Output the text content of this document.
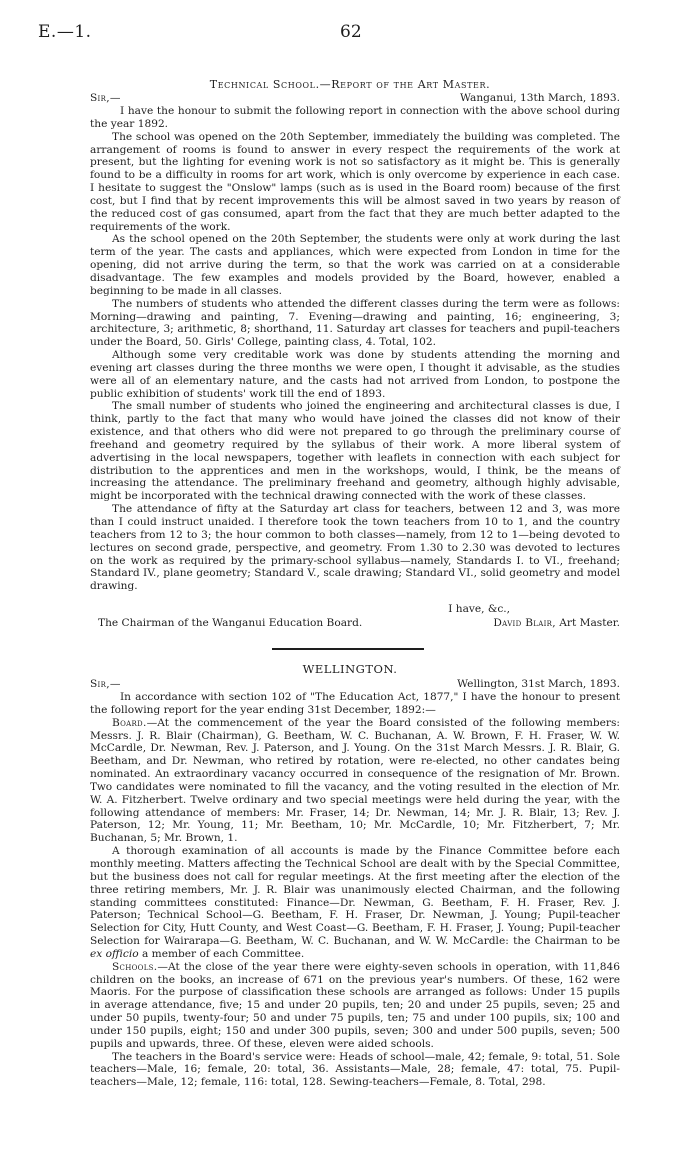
E.—1.	62
Technical School.—Report of the Art Master.
Sir,—	Wanganui, 13th March, 1893.

I have the honour to submit the following report in connection with the above school during the year 1892.

The school was opened on the 20th September, immediately the building was completed. The arrangement of rooms is found to answer in every respect the requirements of the work at present, but the lighting for evening work is not so satisfactory as it might be. This is generally found to be a difficulty in rooms for art work, which is only overcome by experience in each case. I hesitate to suggest the "Onslow" lamps (such as is used in the Board room) because of the first cost, but I find that by recent improvements this will be almost saved in two years by reason of the reduced cost of gas consumed, apart from the fact that they are much better adapted to the requirements of the work.

As the school opened on the 20th September, the students were only at work during the last term of the year. The casts and appliances, which were expected from London in time for the opening, did not arrive during the term, so that the work was carried on at a considerable disadvantage. The few examples and models provided by the Board, however, enabled a beginning to be made in all classes.

The numbers of students who attended the different classes during the term were as follows: Morning—drawing and painting, 7. Evening—drawing and painting, 16; engineering, 3; architecture, 3; arithmetic, 8; shorthand, 11. Saturday art classes for teachers and pupil-teachers under the Board, 50. Girls' College, painting class, 4. Total, 102.

Although some very creditable work was done by students attending the morning and evening art classes during the three months we were open, I thought it advisable, as the studies were all of an elementary nature, and the casts had not arrived from London, to postpone the public exhibition of students' work till the end of 1893.

The small number of students who joined the engineering and architectural classes is due, I think, partly to the fact that many who would have joined the classes did not know of their existence, and that others who did were not prepared to go through the preliminary course of freehand and geometry required by the syllabus of their work. A more liberal system of advertising in the local newspapers, together with leaflets in connection with each subject for distribution to the apprentices and men in the workshops, would, I think, be the means of increasing the attendance. The preliminary freehand and geometry, although highly advisable, might be incorporated with the technical drawing connected with the work of these classes.

The attendance of fifty at the Saturday art class for teachers, between 12 and 3, was more than I could instruct unaided. I therefore took the town teachers from 10 to 1, and the country teachers from 12 to 3; the hour common to both classes—namely, from 12 to 1—being devoted to lectures on second grade, perspective, and geometry. From 1.30 to 2.30 was devoted to lectures on the work as required by the primary-school syllabus—namely, Standards I. to VI., freehand; Standard IV., plane geometry; Standard V., scale drawing; Standard VI., solid geometry and model drawing.

I have, &c.,
The Chairman of the Wanganui Education Board.	David Blair, Art Master.
WELLINGTON.
Sir,—	Wellington, 31st March, 1893.

In accordance with section 102 of "The Education Act, 1877," I have the honour to present the following report for the year ending 31st December, 1892:—

Board.—At the commencement of the year the Board consisted of the following members: Messrs. J. R. Blair (Chairman), G. Beetham, W. C. Buchanan, A. W. Brown, F. H. Fraser, W. W. McCardle, Dr. Newman, Rev. J. Paterson, and J. Young. On the 31st March Messrs. J. R. Blair, G. Beetham, and Dr. Newman, who retired by rotation, were re-elected, no other candates being nominated. An extraordinary vacancy occurred in consequence of the resignation of Mr. Brown. Two candidates were nominated to fill the vacancy, and the voting resulted in the election of Mr. W. A. Fitzherbert. Twelve ordinary and two special meetings were held during the year, with the following attendance of members: Mr. Fraser, 14; Dr. Newman, 14; Mr. J. R. Blair, 13; Rev. J. Paterson, 12; Mr. Young, 11; Mr. Beetham, 10; Mr. McCardle, 10; Mr. Fitzherbert, 7; Mr. Buchanan, 5; Mr. Brown, 1.

A thorough examination of all accounts is made by the Finance Committee before each monthly meeting. Matters affecting the Technical School are dealt with by the Special Committee, but the business does not call for regular meetings. At the first meeting after the election of the three retiring members, Mr. J. R. Blair was unanimously elected Chairman, and the following standing committees constituted: Finance—Dr. Newman, G. Beetham, F. H. Fraser, Rev. J. Paterson; Technical School—G. Beetham, F. H. Fraser, Dr. Newman, J. Young; Pupil-teacher Selection for City, Hutt County, and West Coast—G. Beetham, F. H. Fraser, J. Young; Pupil-teacher Selection for Wairarapa—G. Beetham, W. C. Buchanan, and W. W. McCardle: the Chairman to be ex officio a member of each Committee.

Schools.—At the close of the year there were eighty-seven schools in operation, with 11,846 children on the books, an increase of 671 on the previous year's numbers. Of these, 162 were Maoris. For the purpose of classification these schools are arranged as follows: Under 15 pupils in average attendance, five; 15 and under 20 pupils, ten; 20 and under 25 pupils, seven; 25 and under 50 pupils, twenty-four; 50 and under 75 pupils, ten; 75 and under 100 pupils, six; 100 and under 150 pupils, eight; 150 and under 300 pupils, seven; 300 and under 500 pupils, seven; 500 pupils and upwards, three. Of these, eleven were aided schools.

The teachers in the Board's service were: Heads of school—male, 42; female, 9: total, 51. Sole teachers—Male, 16; female, 20: total, 36. Assistants—Male, 28; female, 47: total, 75. Pupil-teachers—Male, 12; female, 116: total, 128. Sewing-teachers—Female, 8. Total, 298.
